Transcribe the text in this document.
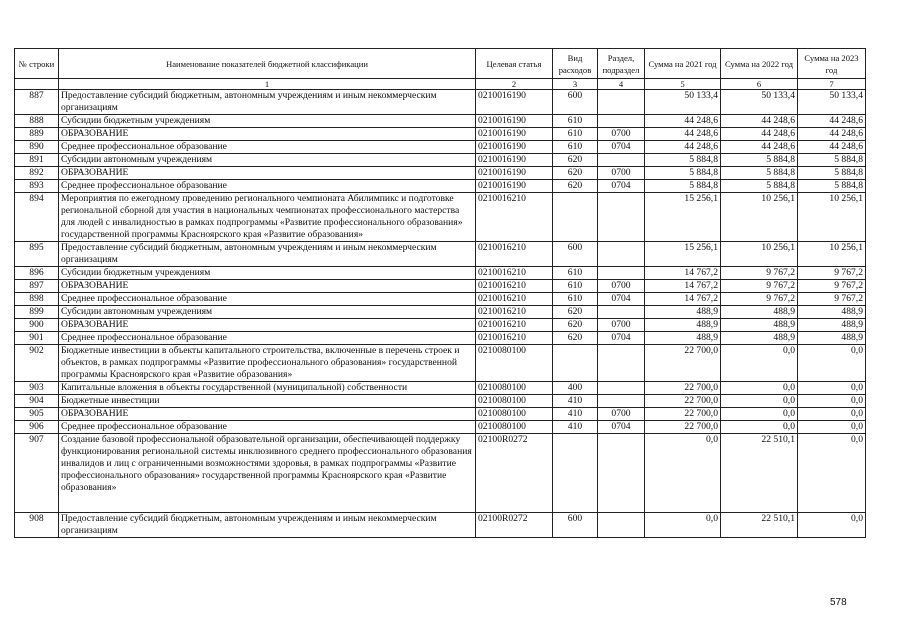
№ строки	Наименование показателей бюджетной классификации	Целевая статья	Вид расходов	Раздел, подраздел	Сумма на 2021 год	Сумма на 2022 год	Сумма на 2023 год
	1	2	3	4	5	6	7
887	Предоставление субсидий бюджетным, автономным учреждениям и иным некоммерческим организациям	0210016190	600		50 133,4	50 133,4	50 133,4
888	Субсидии бюджетным учреждениям	0210016190	610		44 248,6	44 248,6	44 248,6
889	ОБРАЗОВАНИЕ	0210016190	610	0700	44 248,6	44 248,6	44 248,6
890	Среднее профессиональное образование	0210016190	610	0704	44 248,6	44 248,6	44 248,6
891	Субсидии автономным учреждениям	0210016190	620		5 884,8	5 884,8	5 884,8
892	ОБРАЗОВАНИЕ	0210016190	620	0700	5 884,8	5 884,8	5 884,8
893	Среднее профессиональное образование	0210016190	620	0704	5 884,8	5 884,8	5 884,8
894	Мероприятия по ежегодному проведению регионального чемпионата Абилимпикс и подготовке региональной сборной для участия в национальных чемпионатах профессионального мастерства для людей с инвалидностью в рамках подпрограммы «Развитие профессионального образования» государственной программы Красноярского края «Развитие образования»	0210016210			15 256,1	10 256,1	10 256,1
895	Предоставление субсидий бюджетным, автономным учреждениям и иным некоммерческим организациям	0210016210	600		15 256,1	10 256,1	10 256,1
896	Субсидии бюджетным учреждениям	0210016210	610		14 767,2	9 767,2	9 767,2
897	ОБРАЗОВАНИЕ	0210016210	610	0700	14 767,2	9 767,2	9 767,2
898	Среднее профессиональное образование	0210016210	610	0704	14 767,2	9 767,2	9 767,2
899	Субсидии автономным учреждениям	0210016210	620		488,9	488,9	488,9
900	ОБРАЗОВАНИЕ	0210016210	620	0700	488,9	488,9	488,9
901	Среднее профессиональное образование	0210016210	620	0704	488,9	488,9	488,9
902	Бюджетные инвестиции в объекты капитального строительства, включенные в перечень строек и объектов, в рамках подпрограммы «Развитие профессионального образования» государственной программы Красноярского края «Развитие образования»	0210080100			22 700,0	0,0	0,0
903	Капитальные вложения в объекты государственной (муниципальной) собственности	0210080100	400		22 700,0	0,0	0,0
904	Бюджетные инвестиции	0210080100	410		22 700,0	0,0	0,0
905	ОБРАЗОВАНИЕ	0210080100	410	0700	22 700,0	0,0	0,0
906	Среднее профессиональное образование	0210080100	410	0704	22 700,0	0,0	0,0
907	Создание базовой профессиональной образовательной организации, обеспечивающей поддержку функционирования региональной системы инклюзивного среднего профессионального образования инвалидов и лиц с ограниченными возможностями здоровья, в рамках подпрограммы «Развитие профессионального образования» государственной программы Красноярского края «Развитие образования»	02100R0272			0,0	22 510,1	0,0
908	Предоставление субсидий бюджетным, автономным учреждениям и иным некоммерческим организациям	02100R0272	600		0,0	22 510,1	0,0
578
